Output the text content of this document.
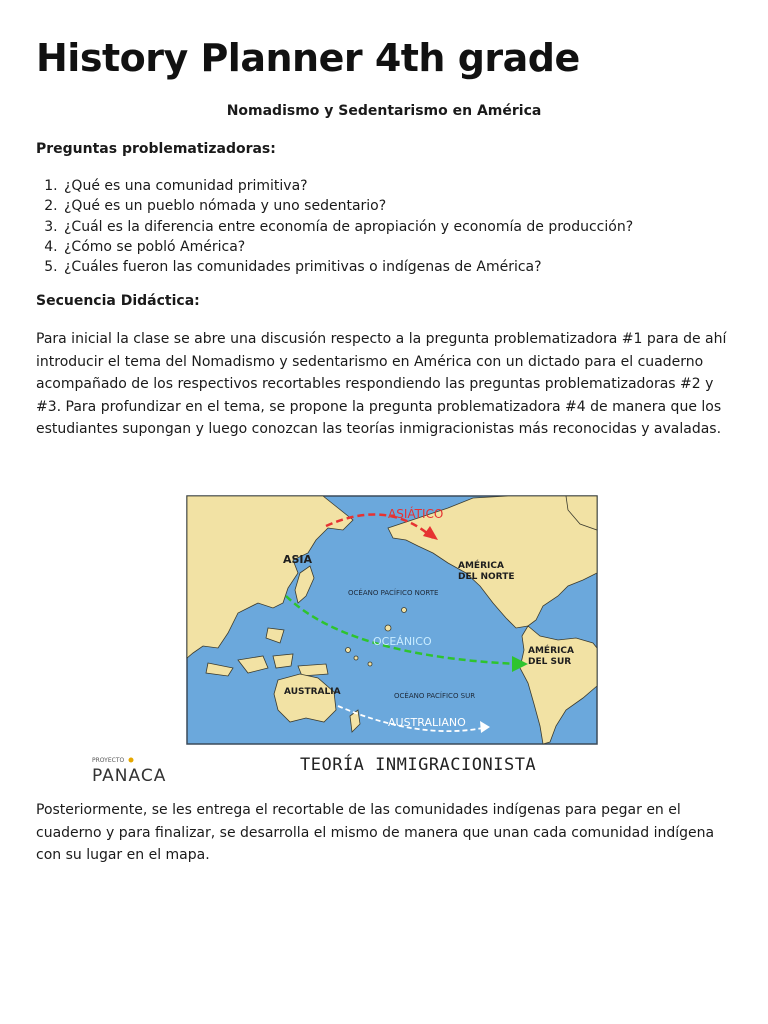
History Planner 4th grade

Nomadismo y Sedentarismo en América

Preguntas problematizadoras:

1. ¿Qué es una comunidad primitiva?
2. ¿Qué es un pueblo nómada y uno sedentario?
3. ¿Cuál es la diferencia entre economía de apropiación y economía de producción?
4. ¿Cómo se pobló América?
5. ¿Cuáles fueron las comunidades primitivas o indígenas de América?

Secuencia Didáctica:

Para inicial la clase se abre una discusión respecto a la pregunta problematizadora #1 para de ahí introducir el tema del Nomadismo y sedentarismo en América con un dictado para el cuaderno acompañado de los respectivos recortables respondiendo las preguntas problematizadoras #2 y #3. Para profundizar en el tema, se propone la pregunta problematizadora #4 de manera que los estudiantes supongan y luego conozcan las teorías inmigracionistas más reconocidas y avaladas.

ASIÁTICO
ASIA	AMÉRICA
DEL NORTE
OCÉANO PACÍFICO NORTE
OCEÁNICO
AMÉRICA
DEL SUR
AUSTRALIA	OCÉANO PACÍFICO SUR
AUSTRALIANO
TEORÍA INMIGRACIONISTA
PROYECTO
PANACA

Posteriormente, se les entrega el recortable de las comunidades indígenas para pegar en el cuaderno y para finalizar, se desarrolla el mismo de manera que unan cada comunidad indígena con su lugar en el mapa.
